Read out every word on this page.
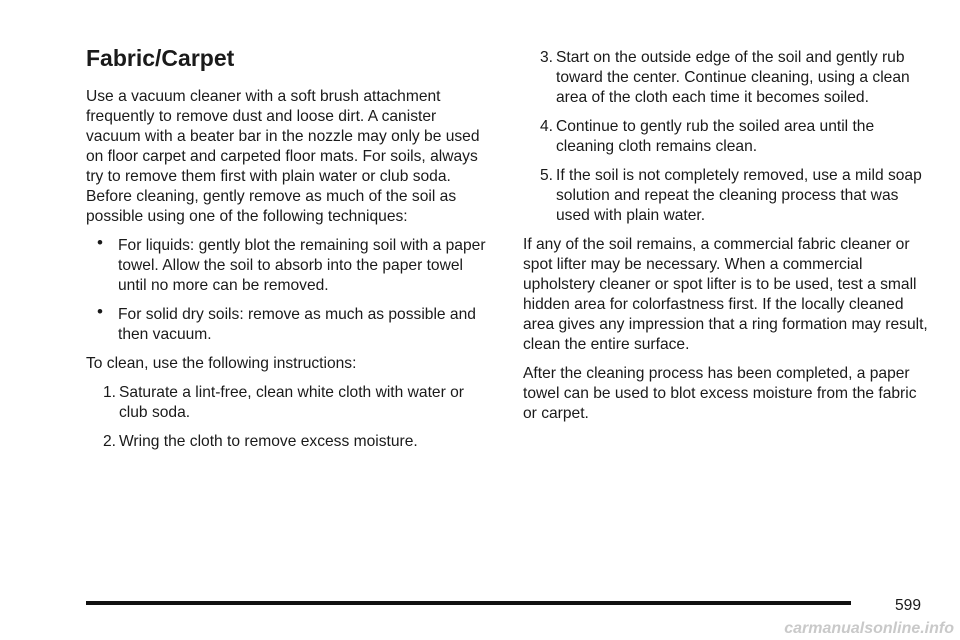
Fabric/Carpet

Use a vacuum cleaner with a soft brush attachment frequently to remove dust and loose dirt. A canister vacuum with a beater bar in the nozzle may only be used on floor carpet and carpeted floor mats. For soils, always try to remove them first with plain water or club soda. Before cleaning, gently remove as much of the soil as possible using one of the following techniques:

• For liquids: gently blot the remaining soil with a paper towel. Allow the soil to absorb into the paper towel until no more can be removed.
• For solid dry soils: remove as much as possible and then vacuum.

To clean, use the following instructions:

1. Saturate a lint-free, clean white cloth with water or club soda.
2. Wring the cloth to remove excess moisture.
3. Start on the outside edge of the soil and gently rub toward the center. Continue cleaning, using a clean area of the cloth each time it becomes soiled.
4. Continue to gently rub the soiled area until the cleaning cloth remains clean.
5. If the soil is not completely removed, use a mild soap solution and repeat the cleaning process that was used with plain water.

If any of the soil remains, a commercial fabric cleaner or spot lifter may be necessary. When a commercial upholstery cleaner or spot lifter is to be used, test a small hidden area for colorfastness first. If the locally cleaned area gives any impression that a ring formation may result, clean the entire surface.

After the cleaning process has been completed, a paper towel can be used to blot excess moisture from the fabric or carpet.

599
carmanualsonline.info
